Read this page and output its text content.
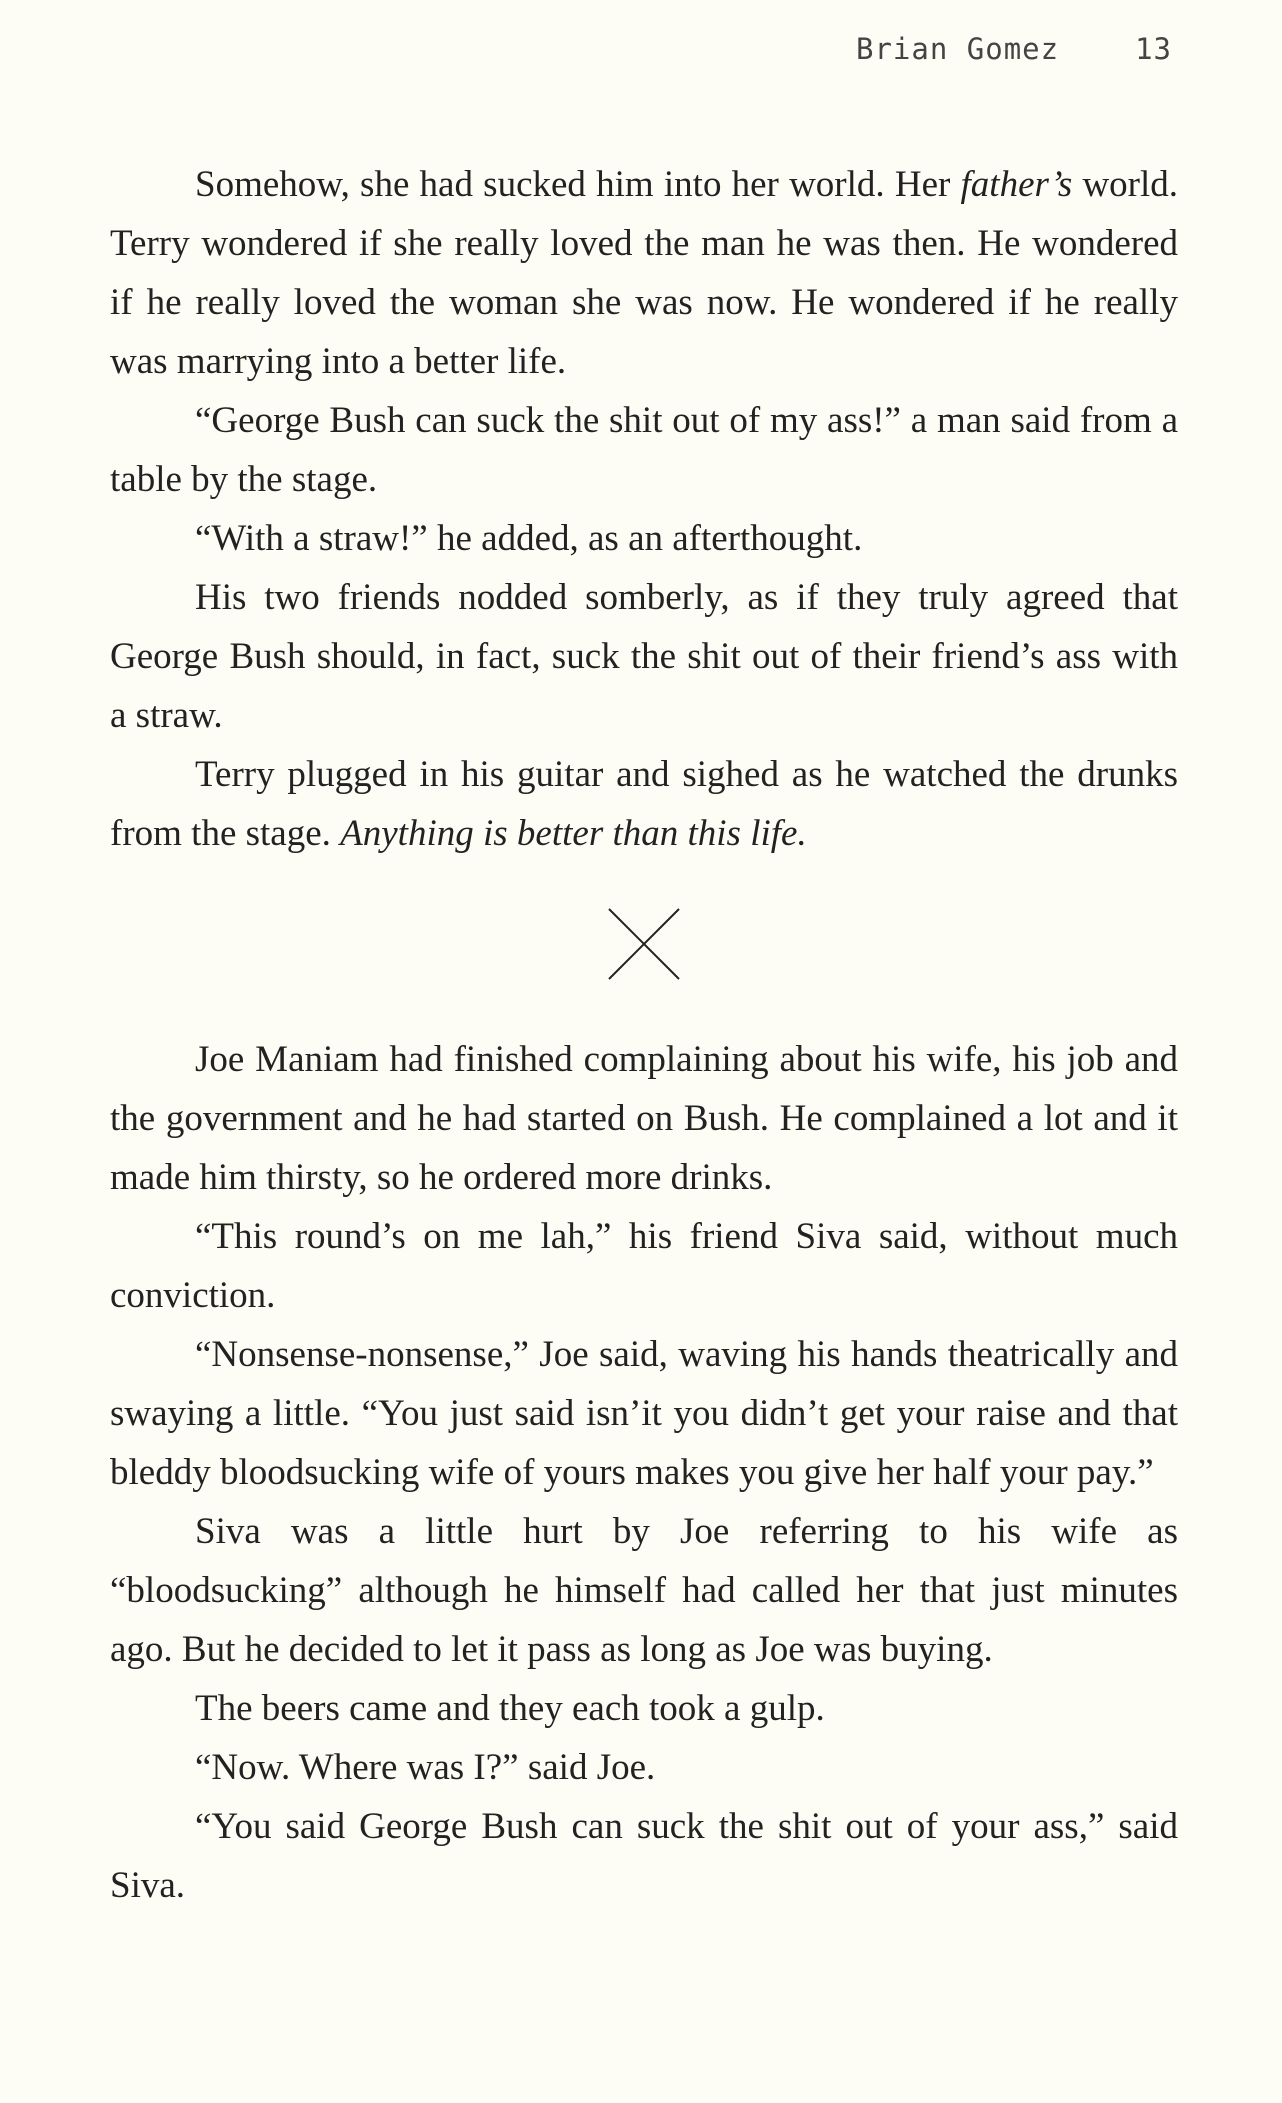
Brian Gomez	13

Somehow, she had sucked him into her world. Her father’s world. Terry wondered if she really loved the man he was then. He wondered if he really loved the woman she was now. He wondered if he really was marrying into a better life.

“George Bush can suck the shit out of my ass!” a man said from a table by the stage.

“With a straw!” he added, as an afterthought.

His two friends nodded somberly, as if they truly agreed that George Bush should, in fact, suck the shit out of their friend’s ass with a straw.

Terry plugged in his guitar and sighed as he watched the drunks from the stage. Anything is better than this life.

Joe Maniam had finished complaining about his wife, his job and the government and he had started on Bush. He complained a lot and it made him thirsty, so he ordered more drinks.

“This round’s on me lah,” his friend Siva said, without much conviction.

“Nonsense-nonsense,” Joe said, waving his hands theatrically and swaying a little. “You just said isn’it you didn’t get your raise and that bleddy bloodsucking wife of yours makes you give her half your pay.”

Siva was a little hurt by Joe referring to his wife as “bloodsucking” although he himself had called her that just minutes ago. But he decided to let it pass as long as Joe was buying.

The beers came and they each took a gulp.

“Now. Where was I?” said Joe.

“You said George Bush can suck the shit out of your ass,” said Siva.
